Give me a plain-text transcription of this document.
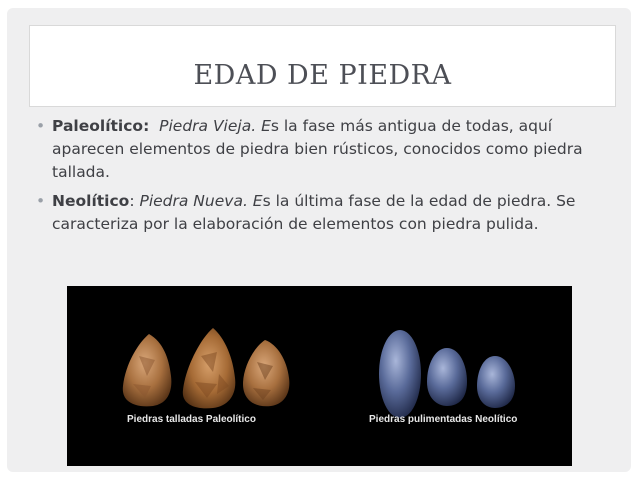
EDAD DE PIEDRA
• Paleolítico: Piedra Vieja. Es la fase más antigua de todas, aquí aparecen elementos de piedra bien rústicos, conocidos como piedra tallada.
• Neolítico: Piedra Nueva. Es la última fase de la edad de piedra. Se caracteriza por la elaboración de elementos con piedra pulida.
Piedras talladas Paleolítico	Piedras pulimentadas Neolítico
